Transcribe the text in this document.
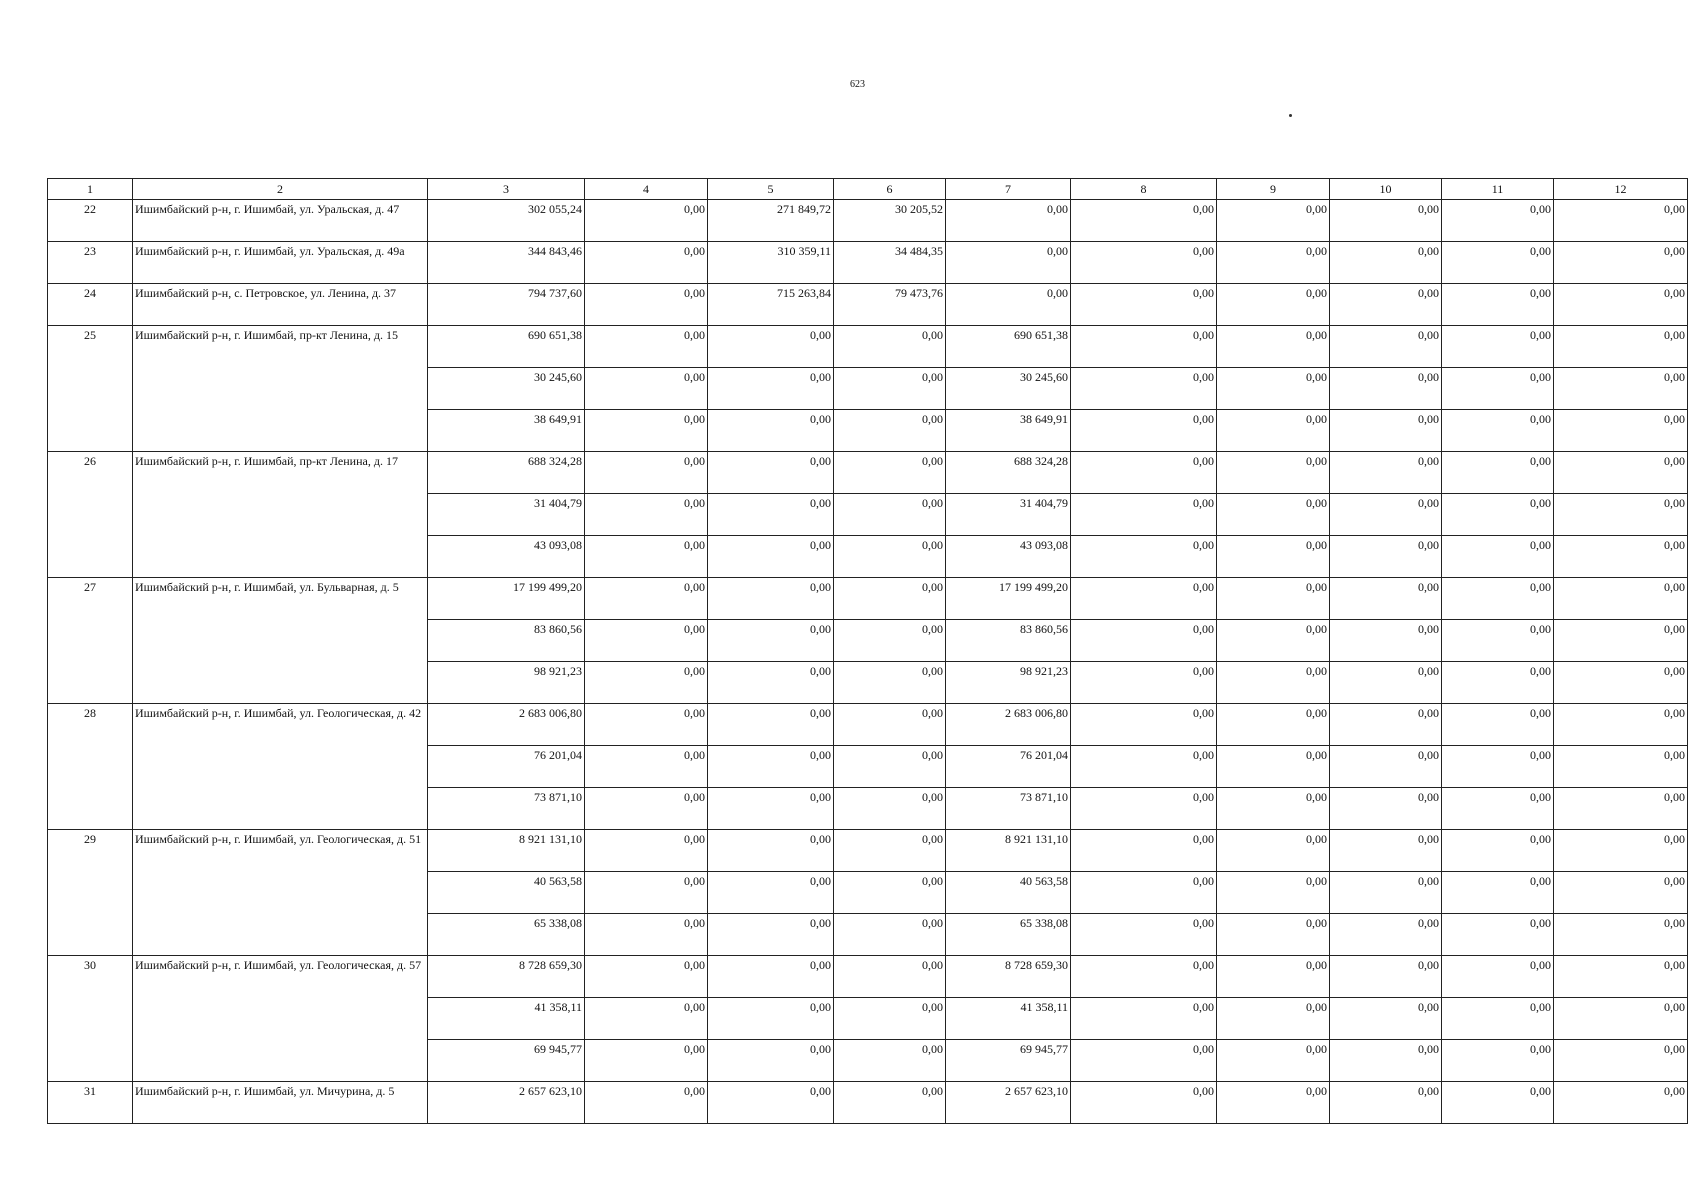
623
1	2	3	4	5	6	7	8	9	10	11	12
22	Ишимбайский р-н, г. Ишимбай, ул. Уральская, д. 47	302 055,24	0,00	271 849,72	30 205,52	0,00	0,00	0,00	0,00	0,00	0,00
23	Ишимбайский р-н, г. Ишимбай, ул. Уральская, д. 49а	344 843,46	0,00	310 359,11	34 484,35	0,00	0,00	0,00	0,00	0,00	0,00
24	Ишимбайский р-н, с. Петровское, ул. Ленина, д. 37	794 737,60	0,00	715 263,84	79 473,76	0,00	0,00	0,00	0,00	0,00	0,00
25	Ишимбайский р-н, г. Ишимбай, пр-кт Ленина, д. 15	690 651,38	0,00	0,00	0,00	690 651,38	0,00	0,00	0,00	0,00	0,00
		30 245,60	0,00	0,00	0,00	30 245,60	0,00	0,00	0,00	0,00	0,00
		38 649,91	0,00	0,00	0,00	38 649,91	0,00	0,00	0,00	0,00	0,00
26	Ишимбайский р-н, г. Ишимбай, пр-кт Ленина, д. 17	688 324,28	0,00	0,00	0,00	688 324,28	0,00	0,00	0,00	0,00	0,00
		31 404,79	0,00	0,00	0,00	31 404,79	0,00	0,00	0,00	0,00	0,00
		43 093,08	0,00	0,00	0,00	43 093,08	0,00	0,00	0,00	0,00	0,00
27	Ишимбайский р-н, г. Ишимбай, ул. Бульварная, д. 5	17 199 499,20	0,00	0,00	0,00	17 199 499,20	0,00	0,00	0,00	0,00	0,00
		83 860,56	0,00	0,00	0,00	83 860,56	0,00	0,00	0,00	0,00	0,00
		98 921,23	0,00	0,00	0,00	98 921,23	0,00	0,00	0,00	0,00	0,00
28	Ишимбайский р-н, г. Ишимбай, ул. Геологическая, д. 42	2 683 006,80	0,00	0,00	0,00	2 683 006,80	0,00	0,00	0,00	0,00	0,00
		76 201,04	0,00	0,00	0,00	76 201,04	0,00	0,00	0,00	0,00	0,00
		73 871,10	0,00	0,00	0,00	73 871,10	0,00	0,00	0,00	0,00	0,00
29	Ишимбайский р-н, г. Ишимбай, ул. Геологическая, д. 51	8 921 131,10	0,00	0,00	0,00	8 921 131,10	0,00	0,00	0,00	0,00	0,00
		40 563,58	0,00	0,00	0,00	40 563,58	0,00	0,00	0,00	0,00	0,00
		65 338,08	0,00	0,00	0,00	65 338,08	0,00	0,00	0,00	0,00	0,00
30	Ишимбайский р-н, г. Ишимбай, ул. Геологическая, д. 57	8 728 659,30	0,00	0,00	0,00	8 728 659,30	0,00	0,00	0,00	0,00	0,00
		41 358,11	0,00	0,00	0,00	41 358,11	0,00	0,00	0,00	0,00	0,00
		69 945,77	0,00	0,00	0,00	69 945,77	0,00	0,00	0,00	0,00	0,00
31	Ишимбайский р-н, г. Ишимбай, ул. Мичурина, д. 5	2 657 623,10	0,00	0,00	0,00	2 657 623,10	0,00	0,00	0,00	0,00	0,00
